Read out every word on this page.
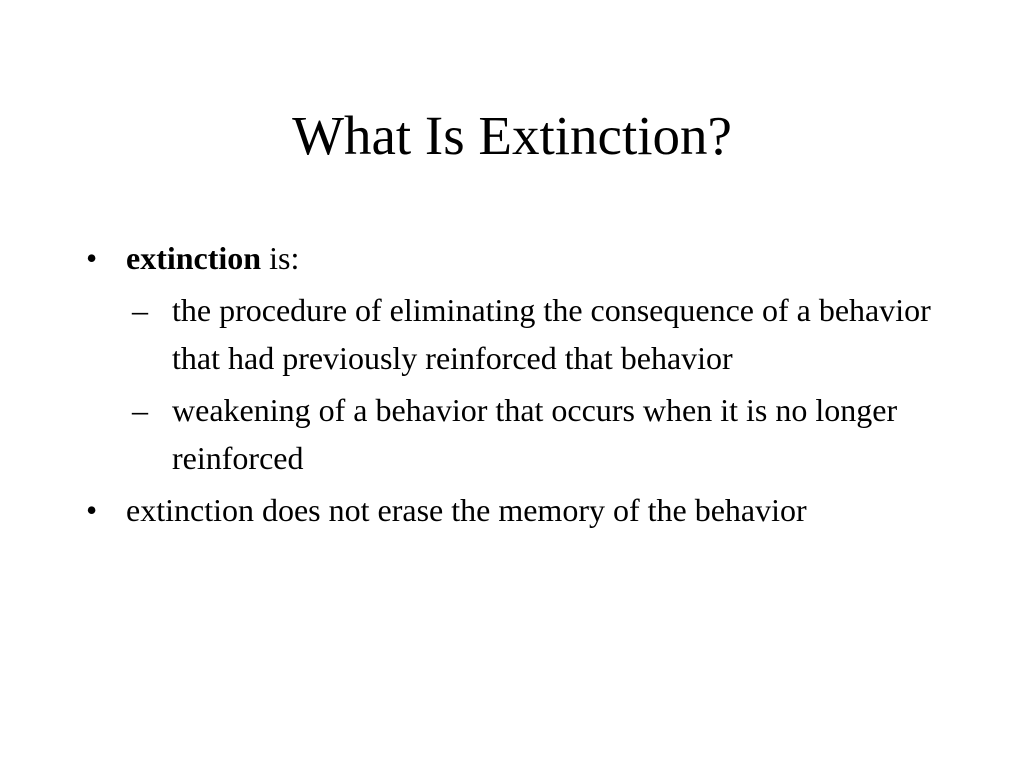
What Is Extinction?
• extinction is:
– the procedure of eliminating the consequence of a behavior that had previously reinforced that behavior
– weakening of a behavior that occurs when it is no longer reinforced
• extinction does not erase the memory of the behavior
